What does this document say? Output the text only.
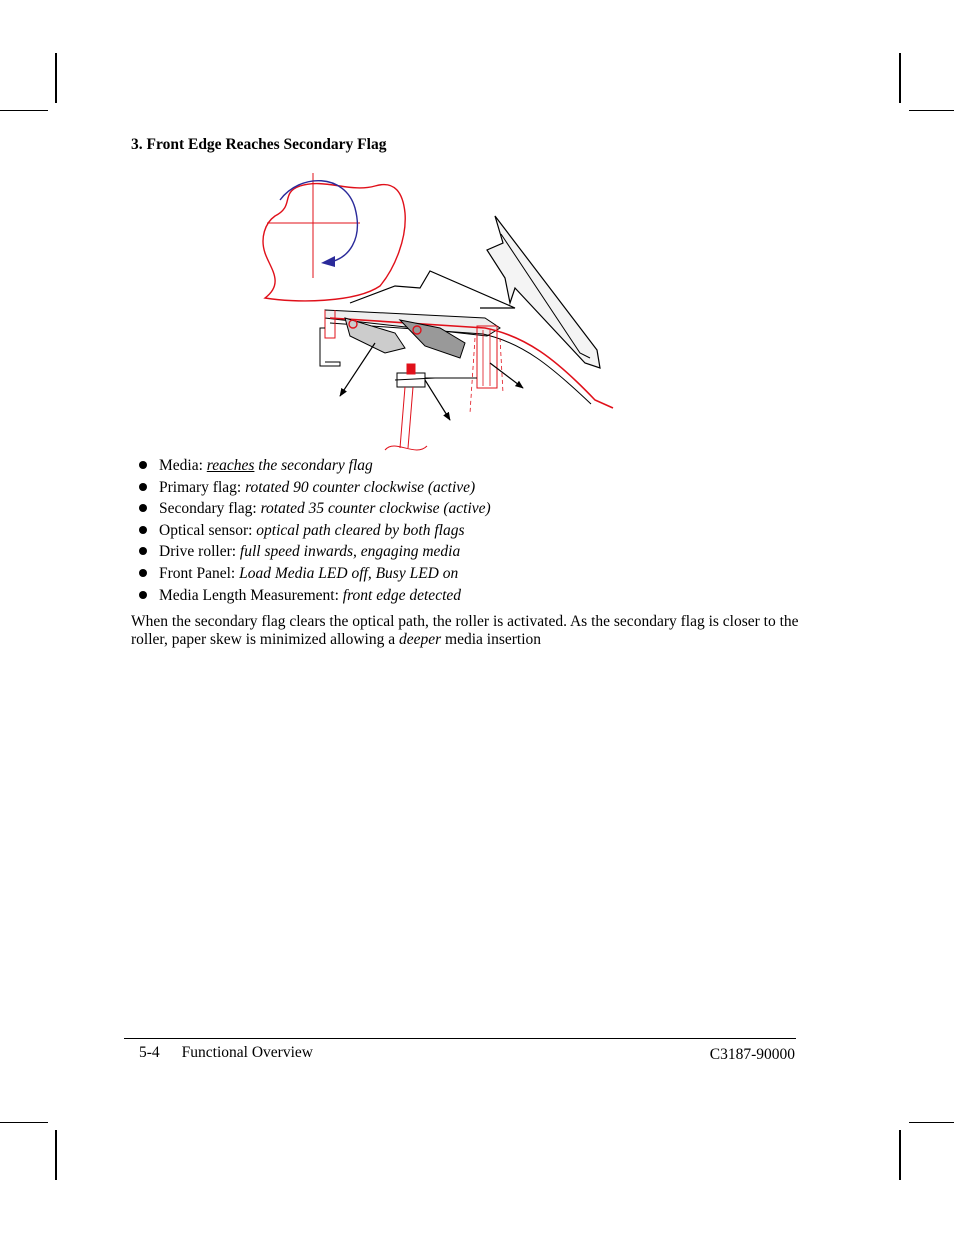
3. Front Edge Reaches Secondary Flag
Media: reaches the secondary flag
Primary flag: rotated 90 counter clockwise (active)
Secondary flag: rotated 35 counter clockwise (active)
Optical sensor: optical path cleared by both flags
Drive roller: full speed inwards, engaging media
Front Panel: Load Media LED off, Busy LED on
Media Length Measurement: front edge detected

When the secondary flag clears the optical path, the roller is activated. As the secondary flag is closer to the roller, paper skew is minimized allowing a deeper media insertion

5-4 Functional Overview	C3187-90000
